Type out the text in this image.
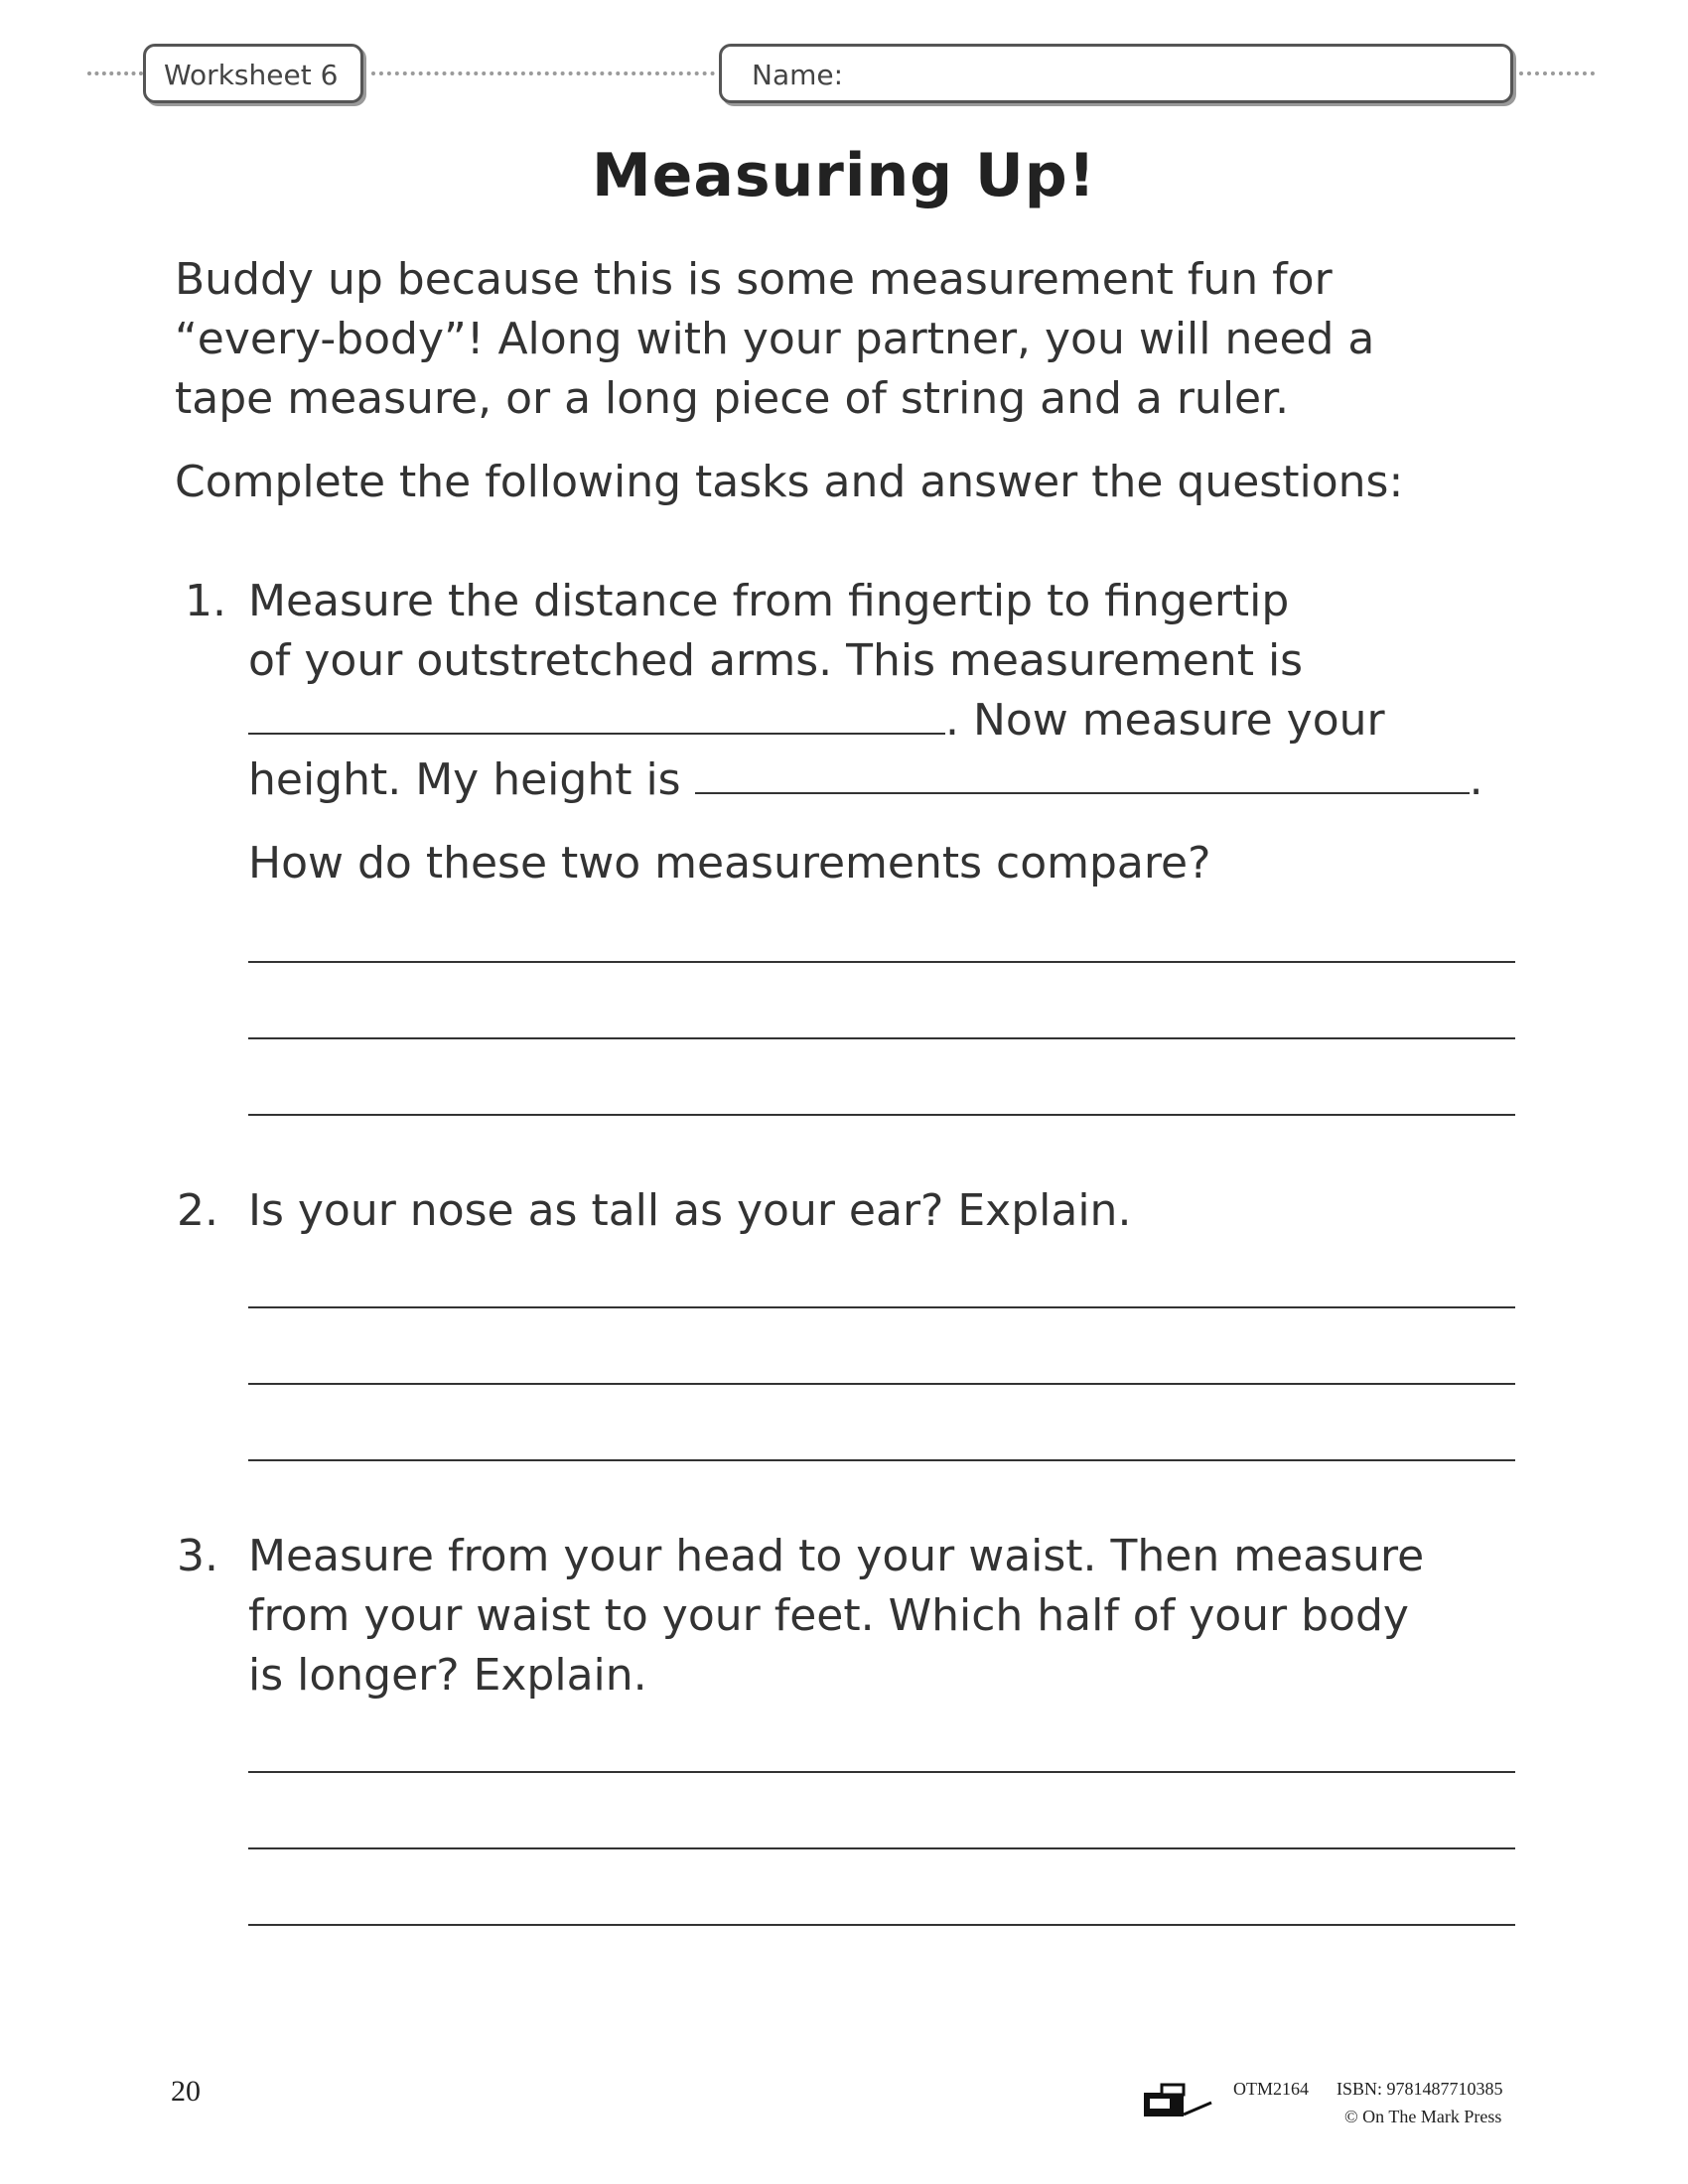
Worksheet 6	Name:
Measuring Up!
Buddy up because this is some measurement fun for
“every-body”! Along with your partner, you will need a
tape measure, or a long piece of string and a ruler.
Complete the following tasks and answer the questions:
1. Measure the distance from fingertip to fingertip
of your outstretched arms. This measurement is
. Now measure your
height. My height is	.
How do these two measurements compare?
2. Is your nose as tall as your ear? Explain.
3. Measure from your head to your waist. Then measure
from your waist to your feet. Which half of your body
is longer? Explain.
20	OTM2164 ISBN: 9781487710385
© On The Mark Press
